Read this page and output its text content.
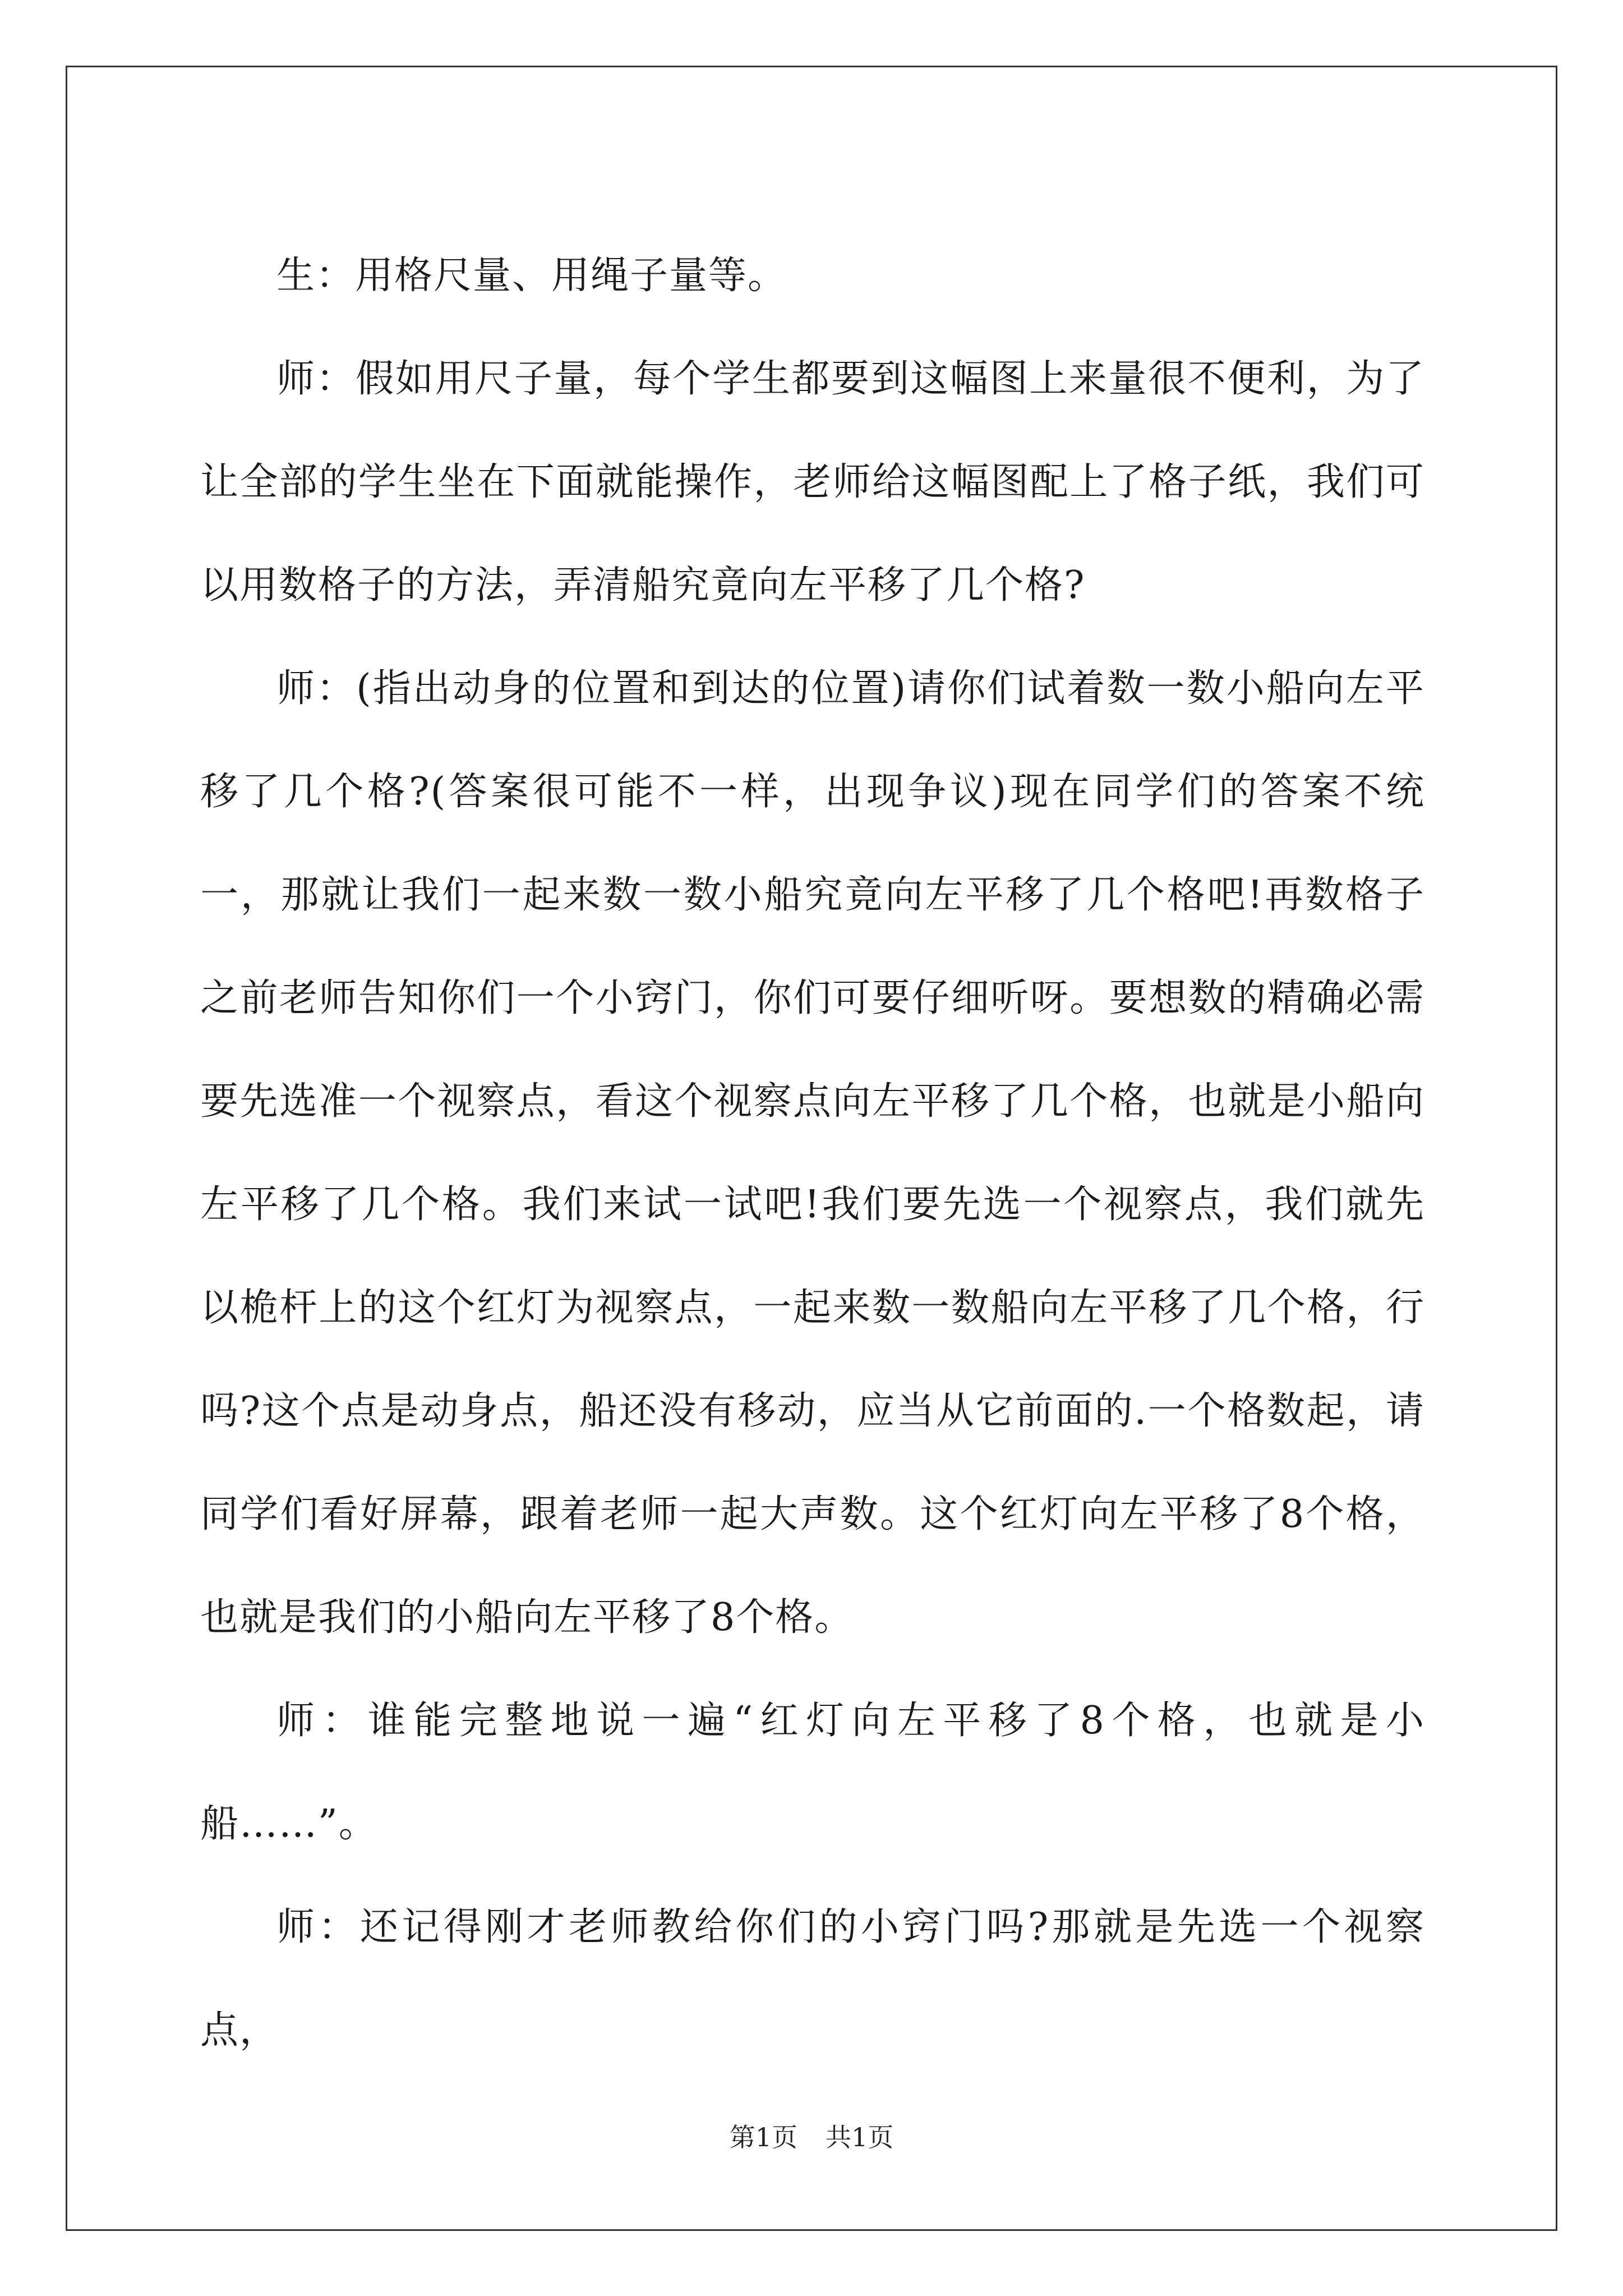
生：用格尺量、用绳子量等。

师：假如用尺子量，每个学生都要到这幅图上来量很不便利，为了让全部的学生坐在下面就能操作，老师给这幅图配上了格子纸，我们可以用数格子的方法，弄清船究竟向左平移了几个格?

师：(指出动身的位置和到达的位置)请你们试着数一数小船向左平移了几个格?(答案很可能不一样，出现争议)现在同学们的答案不统一，那就让我们一起来数一数小船究竟向左平移了几个格吧!再数格子之前老师告知你们一个小窍门，你们可要仔细听呀。要想数的精确必需要先选准一个视察点，看这个视察点向左平移了几个格，也就是小船向左平移了几个格。我们来试一试吧!我们要先选一个视察点，我们就先以桅杆上的这个红灯为视察点，一起来数一数船向左平移了几个格，行吗?这个点是动身点，船还没有移动，应当从它前面的.一个格数起，请同学们看好屏幕，跟着老师一起大声数。这个红灯向左平移了8个格，也就是我们的小船向左平移了8个格。

师：谁能完整地说一遍“红灯向左平移了8个格，也就是小船……”。

师：还记得刚才老师教给你们的小窍门吗?那就是先选一个视察点，

第1页 共1页
